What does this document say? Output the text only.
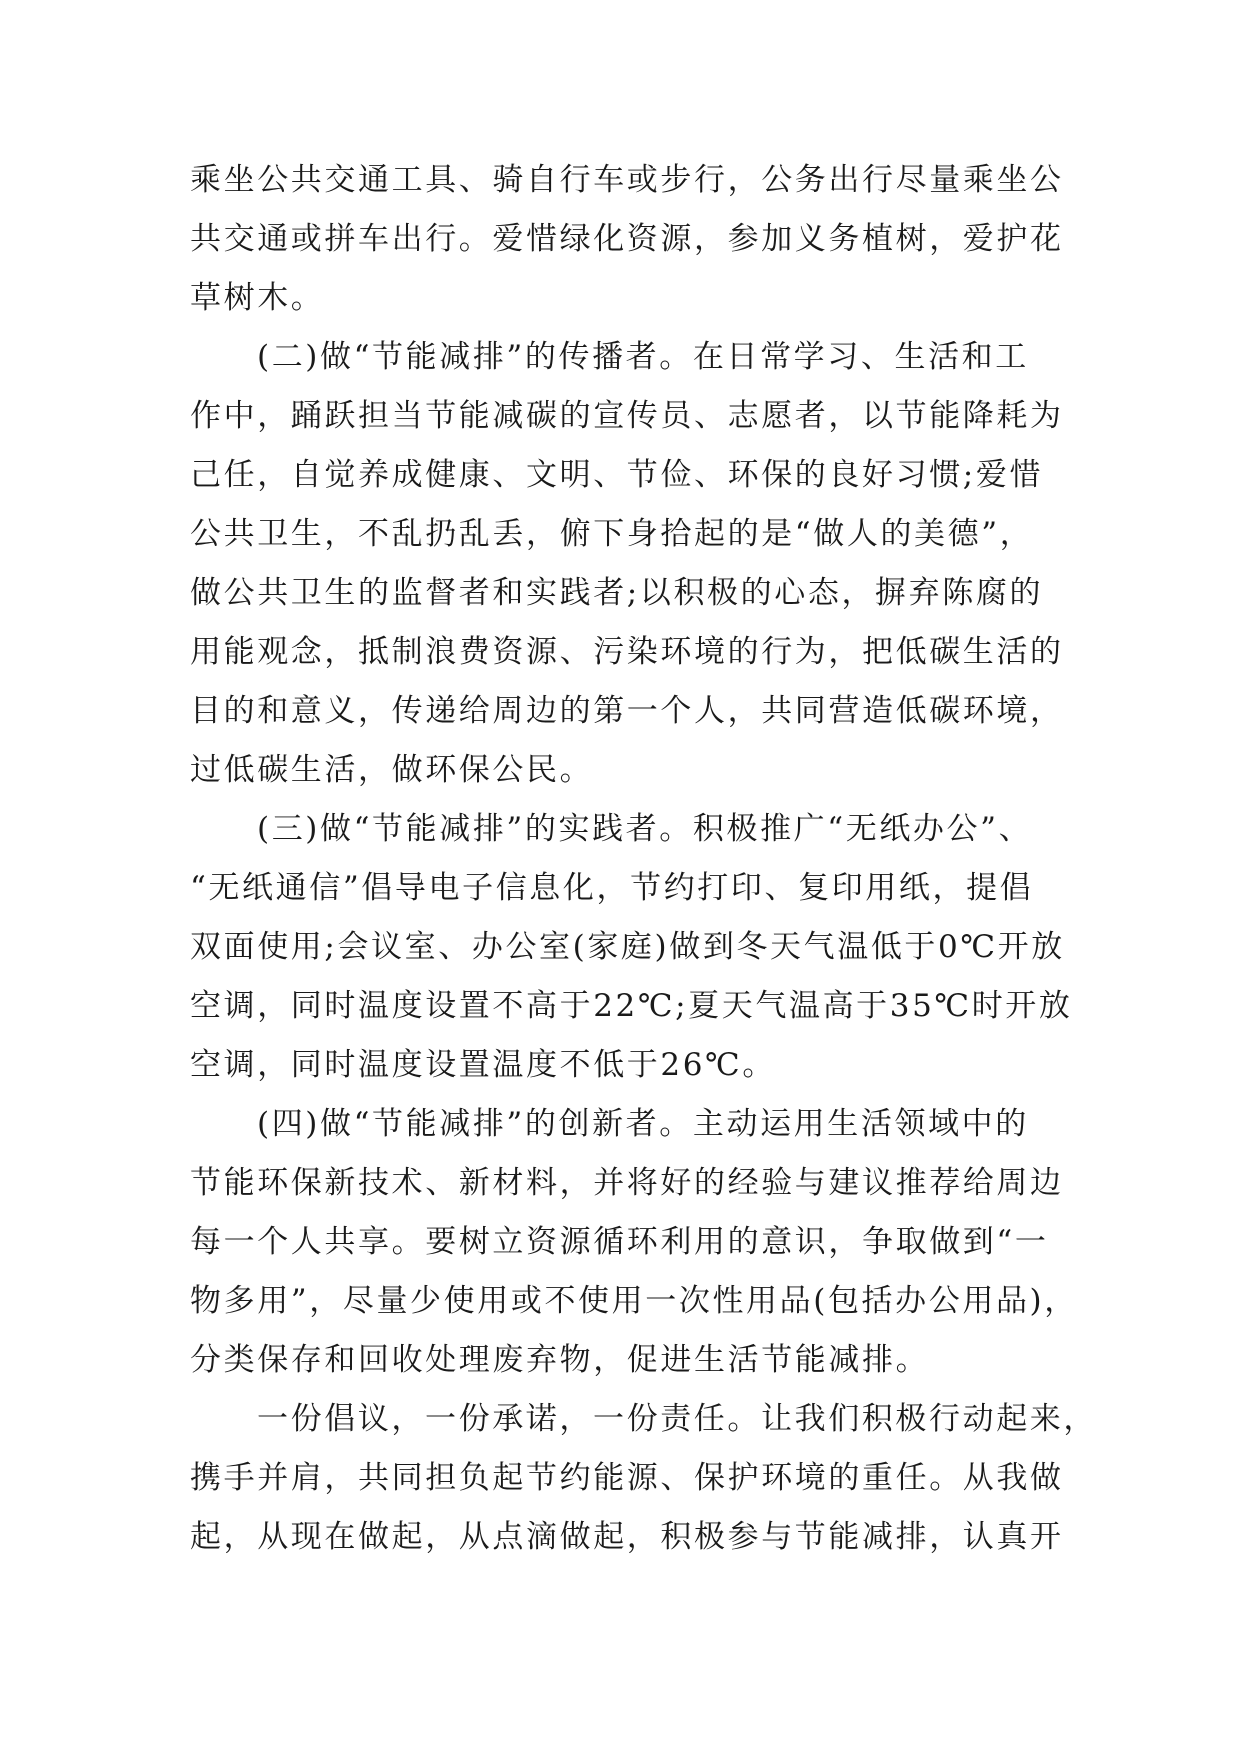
乘坐公共交通工具、骑自行车或步行，公务出行尽量乘坐公
共交通或拼车出行。爱惜绿化资源，参加义务植树，爱护花
草树木。
(二)做“节能减排”的传播者。在日常学习、生活和工
作中，踊跃担当节能减碳的宣传员、志愿者，以节能降耗为
己任，自觉养成健康、文明、节俭、环保的良好习惯;爱惜
公共卫生，不乱扔乱丢，俯下身拾起的是“做人的美德”，
做公共卫生的监督者和实践者;以积极的心态，摒弃陈腐的
用能观念，抵制浪费资源、污染环境的行为，把低碳生活的
目的和意义，传递给周边的第一个人，共同营造低碳环境，
过低碳生活，做环保公民。
(三)做“节能减排”的实践者。积极推广“无纸办公”、
“无纸通信”倡导电子信息化，节约打印、复印用纸，提倡
双面使用;会议室、办公室(家庭)做到冬天气温低于0℃开放
空调，同时温度设置不高于22℃;夏天气温高于35℃时开放
空调，同时温度设置温度不低于26℃。
(四)做“节能减排”的创新者。主动运用生活领域中的
节能环保新技术、新材料，并将好的经验与建议推荐给周边
每一个人共享。要树立资源循环利用的意识，争取做到“一
物多用”，尽量少使用或不使用一次性用品(包括办公用品)，
分类保存和回收处理废弃物，促进生活节能减排。
一份倡议，一份承诺，一份责任。让我们积极行动起来，
携手并肩，共同担负起节约能源、保护环境的重任。从我做
起，从现在做起，从点滴做起，积极参与节能减排，认真开
